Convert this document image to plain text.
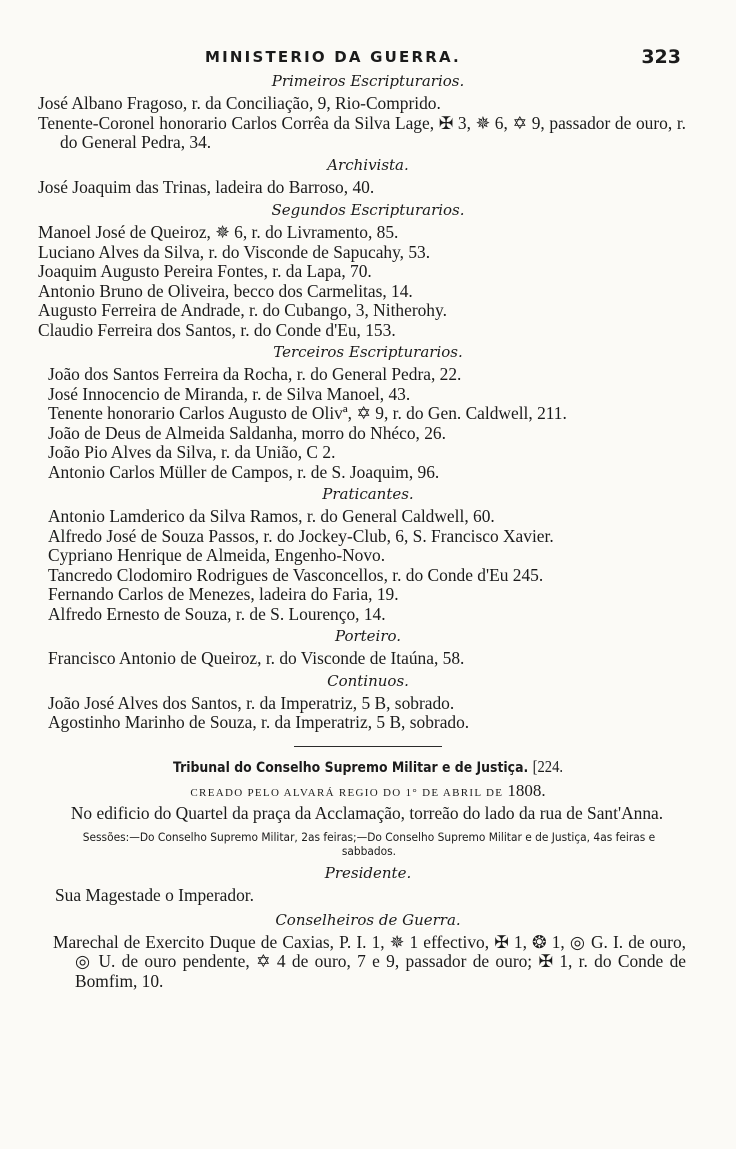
MINISTERIO DA GUERRA.	323
Primeiros Escripturarios.
José Albano Fragoso, r. da Conciliação, 9, Rio-Comprido.
Tenente-Coronel honorario Carlos Corrêa da Silva Lage, ✠ 3, ✵ 6, ✡ 9, passador de ouro, r. do General Pedra, 34.
Archivista.
José Joaquim das Trinas, ladeira do Barroso, 40.
Segundos Escripturarios.
Manoel José de Queiroz, ✵ 6, r. do Livramento, 85.
Luciano Alves da Silva, r. do Visconde de Sapucahy, 53.
Joaquim Augusto Pereira Fontes, r. da Lapa, 70.
Antonio Bruno de Oliveira, becco dos Carmelitas, 14.
Augusto Ferreira de Andrade, r. do Cubango, 3, Nitherohy.
Claudio Ferreira dos Santos, r. do Conde d'Eu, 153.
Terceiros Escripturarios.
João dos Santos Ferreira da Rocha, r. do General Pedra, 22.
José Innocencio de Miranda, r. de Silva Manoel, 43.
Tenente honorario Carlos Augusto de Olivª, ✡ 9, r. do Gen. Caldwell, 211.
João de Deus de Almeida Saldanha, morro do Nhéco, 26.
João Pio Alves da Silva, r. da União, C 2.
Antonio Carlos Müller de Campos, r. de S. Joaquim, 96.
Praticantes.
Antonio Lamderico da Silva Ramos, r. do General Caldwell, 60.
Alfredo José de Souza Passos, r. do Jockey-Club, 6, S. Francisco Xavier.
Cypriano Henrique de Almeida, Engenho-Novo.
Tancredo Clodomiro Rodrigues de Vasconcellos, r. do Conde d'Eu 245.
Fernando Carlos de Menezes, ladeira do Faria, 19.
Alfredo Ernesto de Souza, r. de S. Lourenço, 14.
Porteiro.
Francisco Antonio de Queiroz, r. do Visconde de Itaúna, 58.
Continuos.
João José Alves dos Santos, r. da Imperatriz, 5 B, sobrado.
Agostinho Marinho de Souza, r. da Imperatriz, 5 B, sobrado.
Tribunal do Conselho Supremo Militar e de Justiça. [224.
CREADO PELO ALVARÁ REGIO DO 1° DE ABRIL DE 1808.
No edificio do Quartel da praça da Acclamação, torreão do lado da rua de Sant'Anna.
Sessões:—Do Conselho Supremo Militar, 2as feiras;—Do Conselho Supremo Militar e de Justiça, 4as feiras e sabbados.
Presidente.
Sua Magestade o Imperador.
Conselheiros de Guerra.
Marechal de Exercito Duque de Caxias, P. I. 1, ✵ 1 effectivo, ✠ 1, ❂ 1, ◎ G. I. de ouro, ◎ U. de ouro pendente, ✡ 4 de ouro, 7 e 9, passador de ouro; ✠ 1, r. do Conde de Bomfim, 10.
